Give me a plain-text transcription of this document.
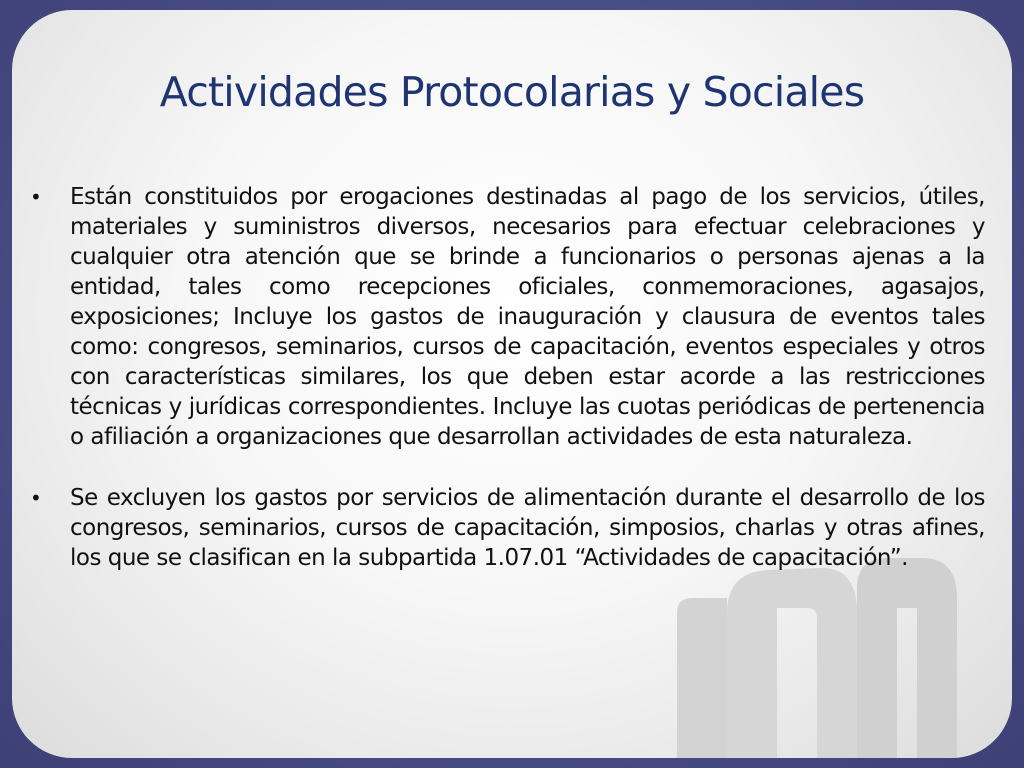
Actividades Protocolarias y Sociales
•	Están constituidos por erogaciones destinadas al pago de los servicios, útiles, materiales y suministros diversos, necesarios para efectuar celebraciones y cualquier otra atención que se brinde a funcionarios o personas ajenas a la entidad, tales como recepciones oficiales, conmemoraciones, agasajos, exposiciones; Incluye los gastos de inauguración y clausura de eventos tales como: congresos, seminarios, cursos de capacitación, eventos especiales y otros con características similares, los que deben estar acorde a las restricciones técnicas y jurídicas correspondientes. Incluye las cuotas periódicas de pertenencia o afiliación a organizaciones que desarrollan actividades de esta naturaleza.
•	Se excluyen los gastos por servicios de alimentación durante el desarrollo de los congresos, seminarios, cursos de capacitación, simposios, charlas y otras afines, los que se clasifican en la subpartida 1.07.01 “Actividades de capacitación”.
